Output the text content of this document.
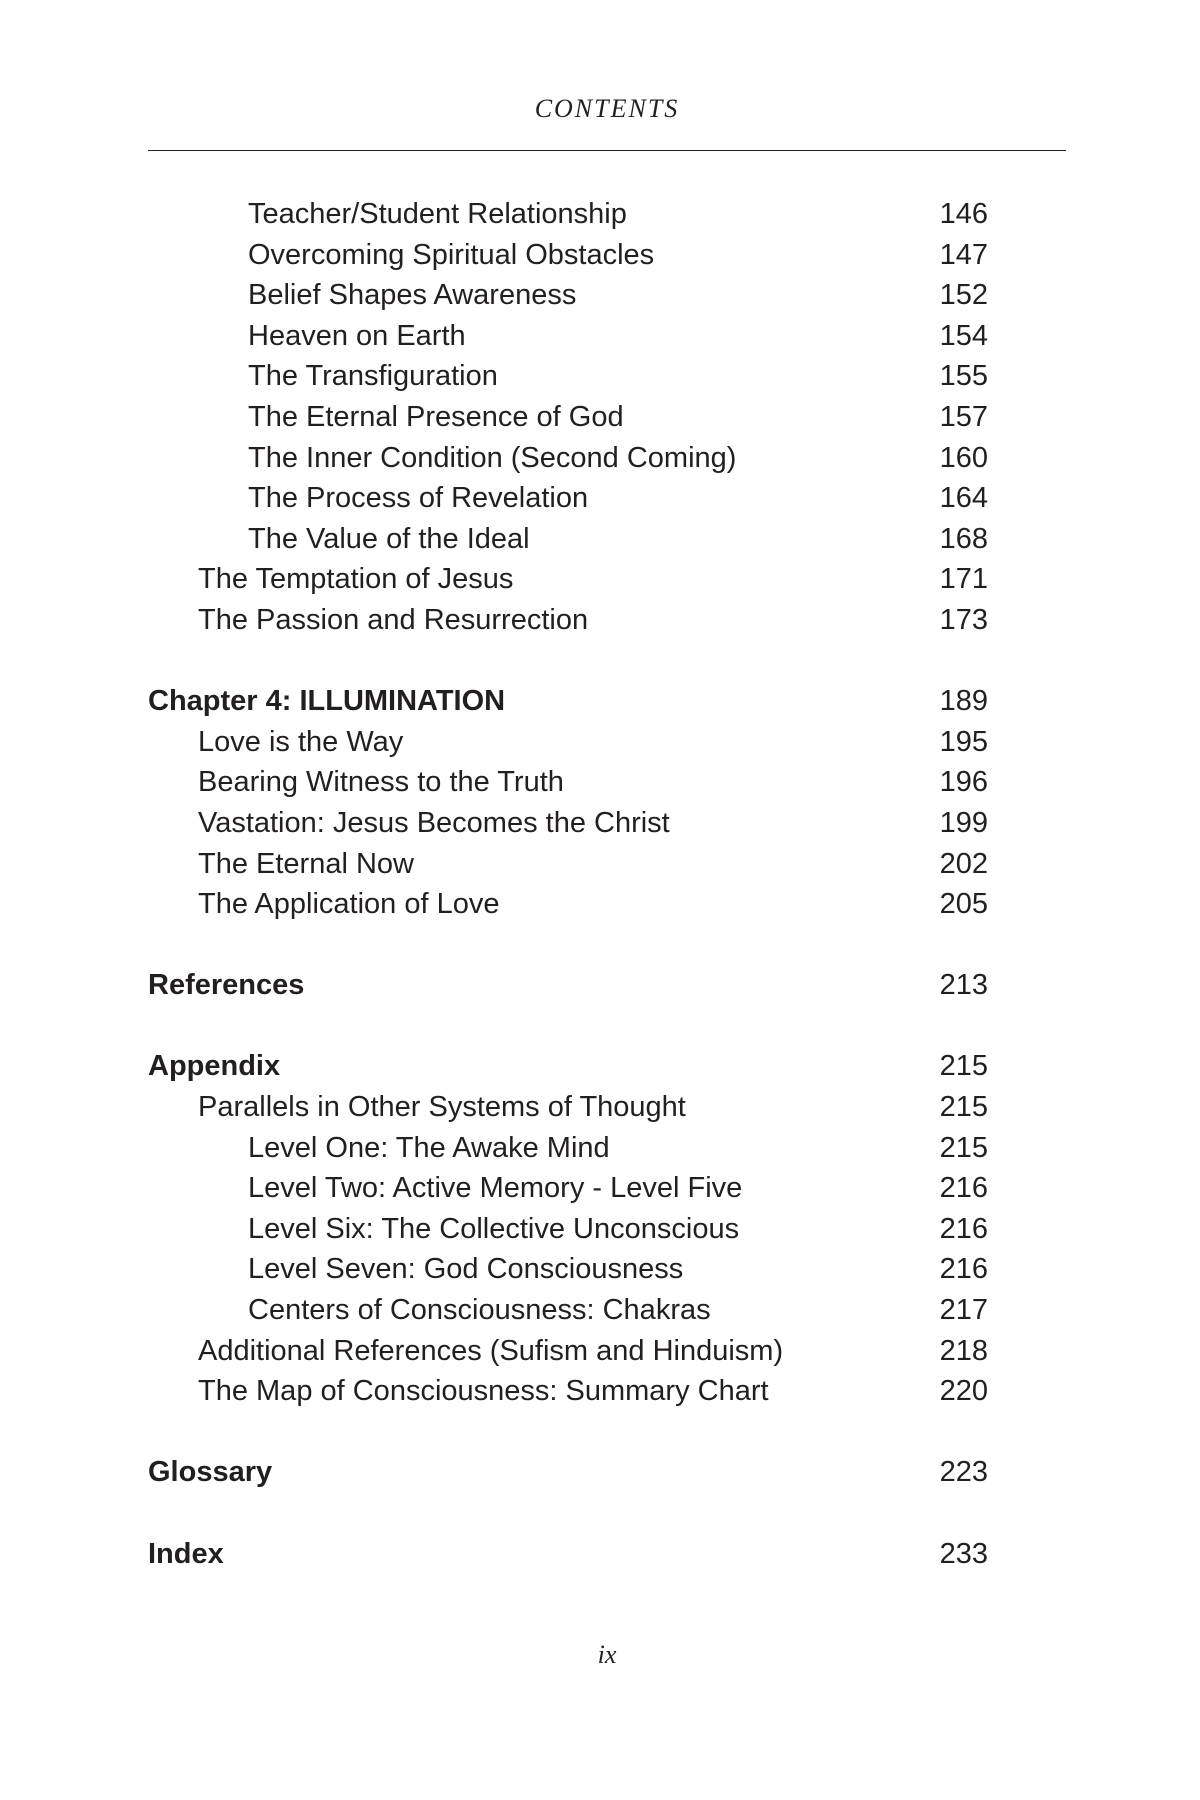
CONTENTS
Teacher/Student Relationship	146
Overcoming Spiritual Obstacles	147
Belief Shapes Awareness	152
Heaven on Earth	154
The Transfiguration	155
The Eternal Presence of God	157
The Inner Condition (Second Coming)	160
The Process of Revelation	164
The Value of the Ideal	168
The Temptation of Jesus	171
The Passion and Resurrection	173
Chapter 4: ILLUMINATION	189
Love is the Way	195
Bearing Witness to the Truth	196
Vastation: Jesus Becomes the Christ	199
The Eternal Now	202
The Application of Love	205
References	213
Appendix	215
Parallels in Other Systems of Thought	215
Level One: The Awake Mind	215
Level Two: Active Memory - Level Five	216
Level Six: The Collective Unconscious	216
Level Seven: God Consciousness	216
Centers of Consciousness: Chakras	217
Additional References (Sufism and Hinduism)	218
The Map of Consciousness: Summary Chart	220
Glossary	223
Index	233
ix
